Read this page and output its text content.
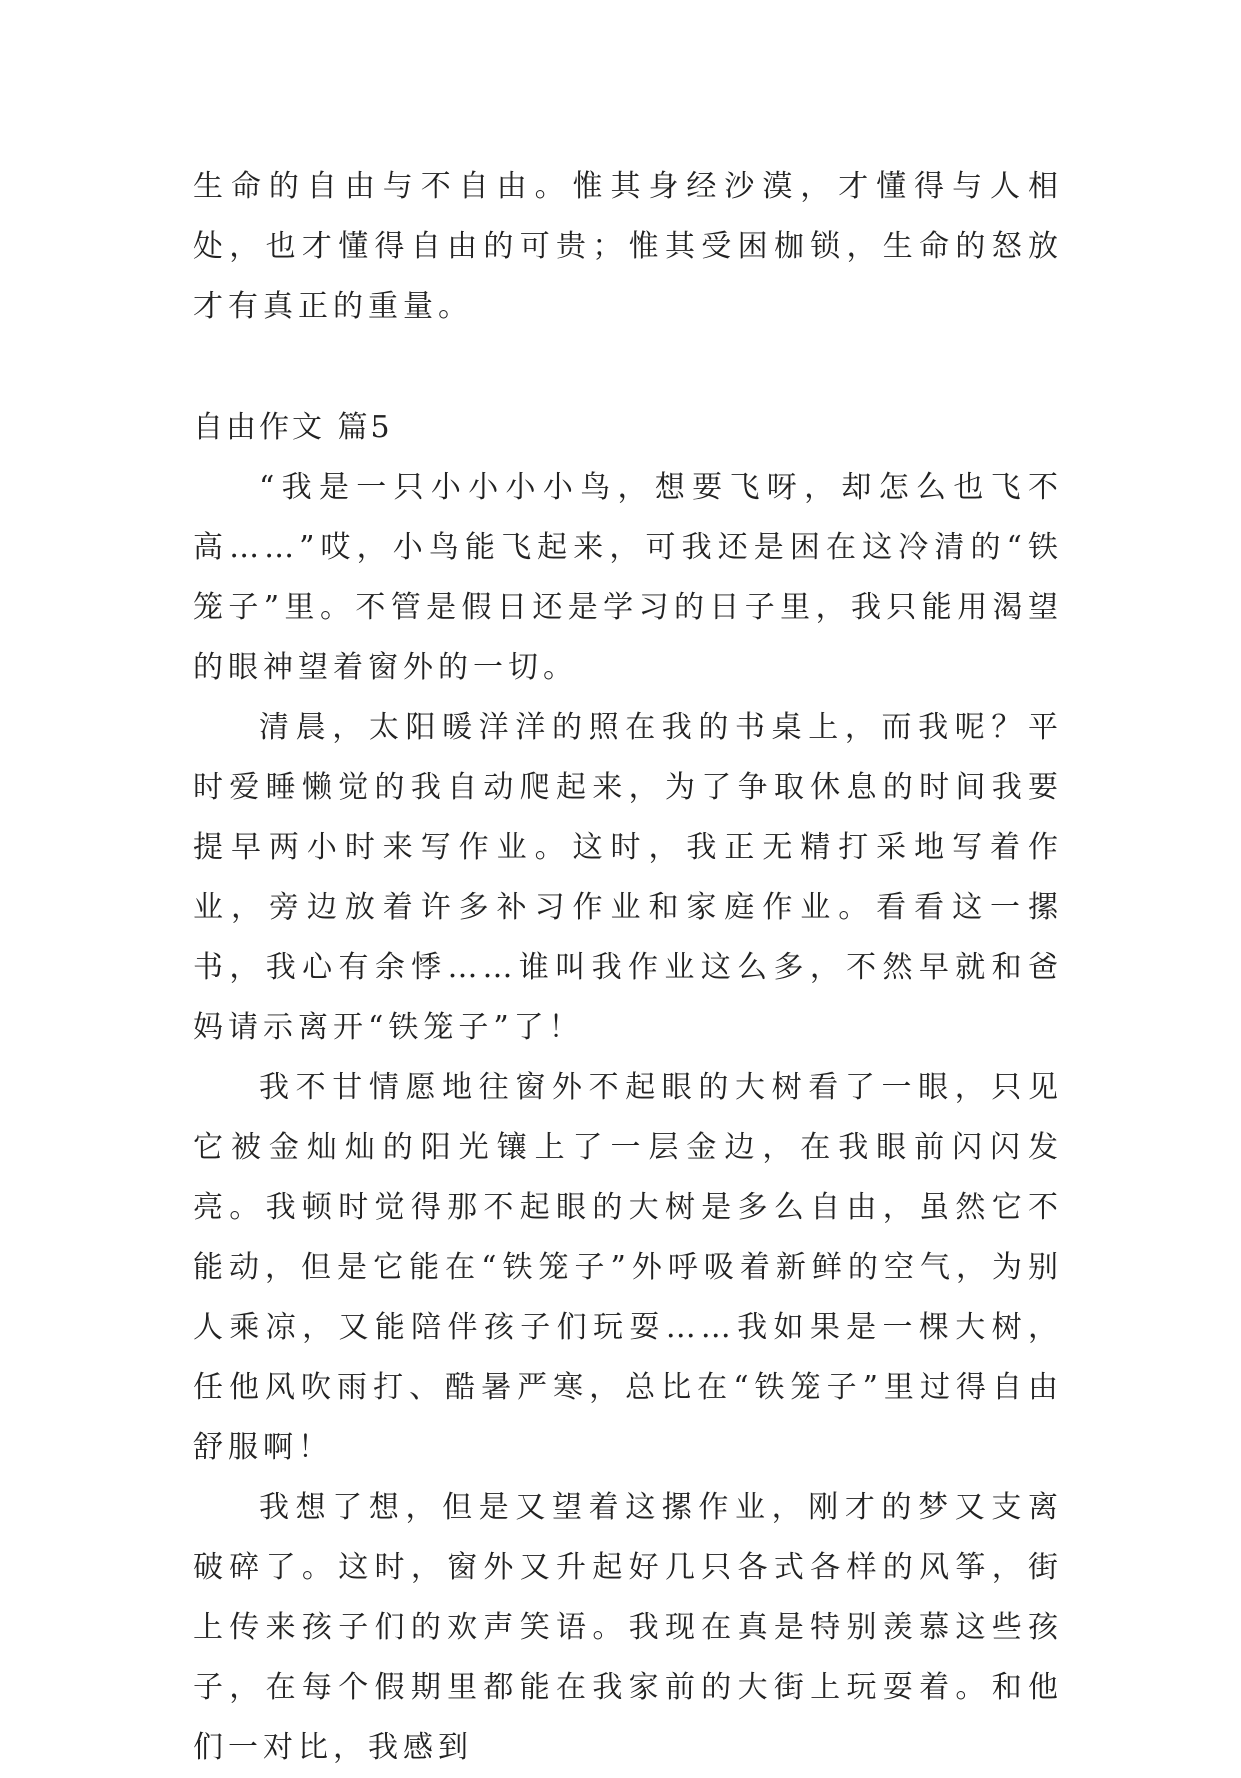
生命的自由与不自由。惟其身经沙漠，才懂得与人相处，也才懂得自由的可贵；惟其受困枷锁，生命的怒放才有真正的重量。

自由作文 篇5

“我是一只小小小小鸟，想要飞呀，却怎么也飞不高……”哎，小鸟能飞起来，可我还是困在这冷清的“铁笼子”里。不管是假日还是学习的日子里，我只能用渴望的眼神望着窗外的一切。

清晨，太阳暖洋洋的照在我的书桌上，而我呢？平时爱睡懒觉的我自动爬起来，为了争取休息的时间我要提早两小时来写作业。这时，我正无精打采地写着作业，旁边放着许多补习作业和家庭作业。看看这一摞书，我心有余悸……谁叫我作业这么多，不然早就和爸妈请示离开“铁笼子”了！

我不甘情愿地往窗外不起眼的大树看了一眼，只见它被金灿灿的阳光镶上了一层金边，在我眼前闪闪发亮。我顿时觉得那不起眼的大树是多么自由，虽然它不能动，但是它能在“铁笼子”外呼吸着新鲜的空气，为别人乘凉，又能陪伴孩子们玩耍……我如果是一棵大树，任他风吹雨打、酷暑严寒，总比在“铁笼子”里过得自由舒服啊！

我想了想，但是又望着这摞作业，刚才的梦又支离破碎了。这时，窗外又升起好几只各式各样的风筝，街上传来孩子们的欢声笑语。我现在真是特别羡慕这些孩子，在每个假期里都能在我家前的大街上玩耍着。和他们一对比，我感到
